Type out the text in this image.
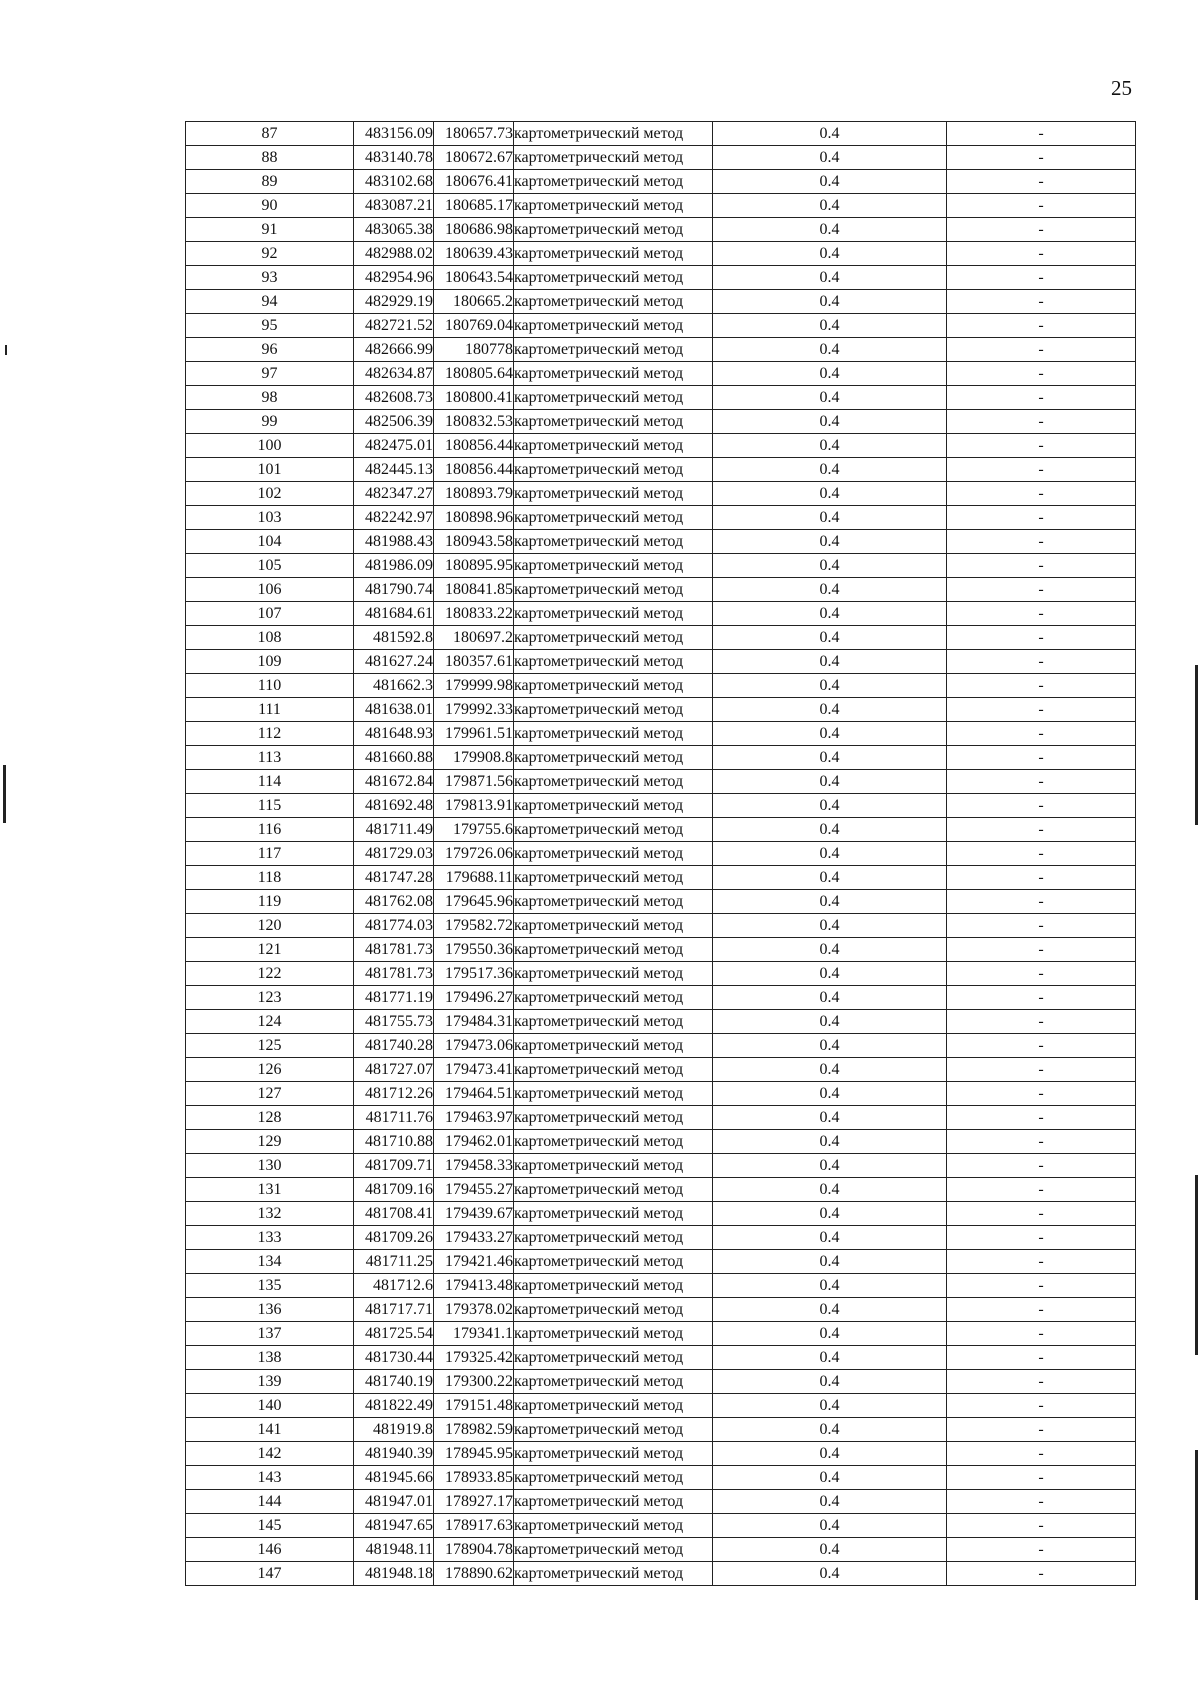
25
87	483156.09	180657.73	картометрический метод	0.4	-
88	483140.78	180672.67	картометрический метод	0.4	-
89	483102.68	180676.41	картометрический метод	0.4	-
90	483087.21	180685.17	картометрический метод	0.4	-
91	483065.38	180686.98	картометрический метод	0.4	-
92	482988.02	180639.43	картометрический метод	0.4	-
93	482954.96	180643.54	картометрический метод	0.4	-
94	482929.19	180665.2	картометрический метод	0.4	-
95	482721.52	180769.04	картометрический метод	0.4	-
96	482666.99	180778	картометрический метод	0.4	-
97	482634.87	180805.64	картометрический метод	0.4	-
98	482608.73	180800.41	картометрический метод	0.4	-
99	482506.39	180832.53	картометрический метод	0.4	-
100	482475.01	180856.44	картометрический метод	0.4	-
101	482445.13	180856.44	картометрический метод	0.4	-
102	482347.27	180893.79	картометрический метод	0.4	-
103	482242.97	180898.96	картометрический метод	0.4	-
104	481988.43	180943.58	картометрический метод	0.4	-
105	481986.09	180895.95	картометрический метод	0.4	-
106	481790.74	180841.85	картометрический метод	0.4	-
107	481684.61	180833.22	картометрический метод	0.4	-
108	481592.8	180697.2	картометрический метод	0.4	-
109	481627.24	180357.61	картометрический метод	0.4	-
110	481662.3	179999.98	картометрический метод	0.4	-
111	481638.01	179992.33	картометрический метод	0.4	-
112	481648.93	179961.51	картометрический метод	0.4	-
113	481660.88	179908.8	картометрический метод	0.4	-
114	481672.84	179871.56	картометрический метод	0.4	-
115	481692.48	179813.91	картометрический метод	0.4	-
116	481711.49	179755.6	картометрический метод	0.4	-
117	481729.03	179726.06	картометрический метод	0.4	-
118	481747.28	179688.11	картометрический метод	0.4	-
119	481762.08	179645.96	картометрический метод	0.4	-
120	481774.03	179582.72	картометрический метод	0.4	-
121	481781.73	179550.36	картометрический метод	0.4	-
122	481781.73	179517.36	картометрический метод	0.4	-
123	481771.19	179496.27	картометрический метод	0.4	-
124	481755.73	179484.31	картометрический метод	0.4	-
125	481740.28	179473.06	картометрический метод	0.4	-
126	481727.07	179473.41	картометрический метод	0.4	-
127	481712.26	179464.51	картометрический метод	0.4	-
128	481711.76	179463.97	картометрический метод	0.4	-
129	481710.88	179462.01	картометрический метод	0.4	-
130	481709.71	179458.33	картометрический метод	0.4	-
131	481709.16	179455.27	картометрический метод	0.4	-
132	481708.41	179439.67	картометрический метод	0.4	-
133	481709.26	179433.27	картометрический метод	0.4	-
134	481711.25	179421.46	картометрический метод	0.4	-
135	481712.6	179413.48	картометрический метод	0.4	-
136	481717.71	179378.02	картометрический метод	0.4	-
137	481725.54	179341.1	картометрический метод	0.4	-
138	481730.44	179325.42	картометрический метод	0.4	-
139	481740.19	179300.22	картометрический метод	0.4	-
140	481822.49	179151.48	картометрический метод	0.4	-
141	481919.8	178982.59	картометрический метод	0.4	-
142	481940.39	178945.95	картометрический метод	0.4	-
143	481945.66	178933.85	картометрический метод	0.4	-
144	481947.01	178927.17	картометрический метод	0.4	-
145	481947.65	178917.63	картометрический метод	0.4	-
146	481948.11	178904.78	картометрический метод	0.4	-
147	481948.18	178890.62	картометрический метод	0.4	-
